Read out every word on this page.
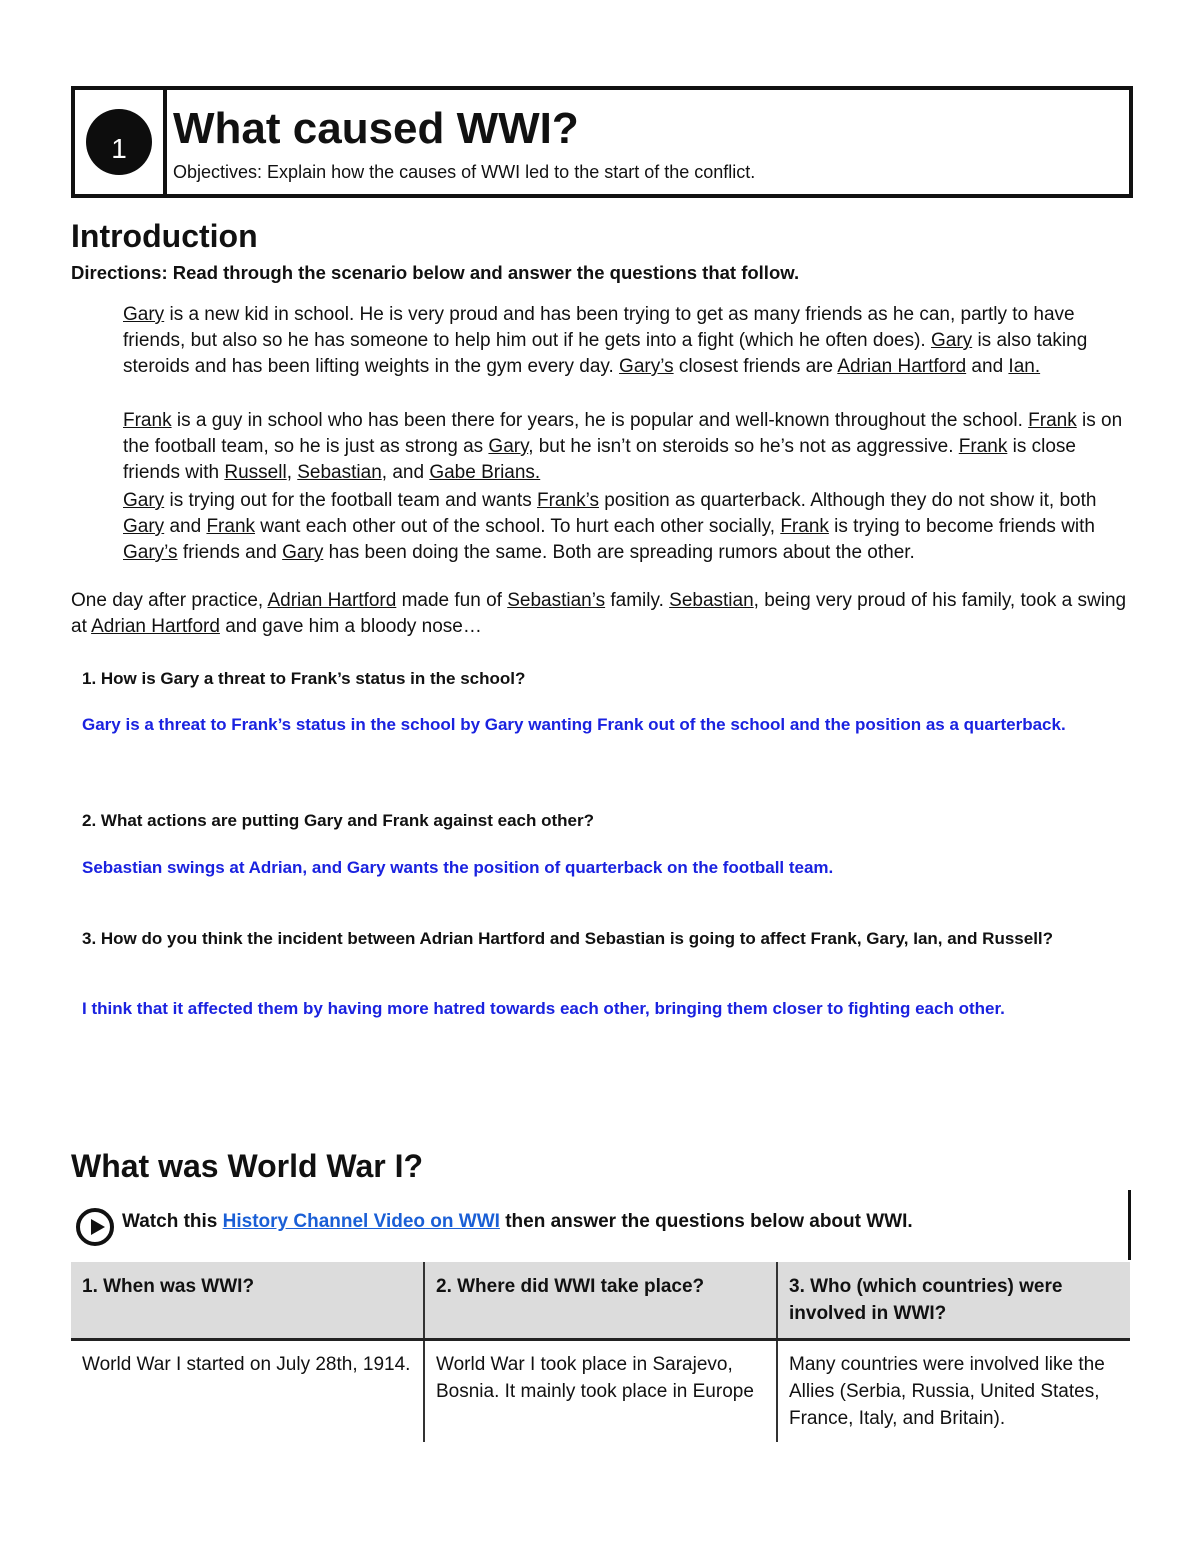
1	What caused WWI?
Objectives: Explain how the causes of WWI led to the start of the conflict.
Introduction
Directions: Read through the scenario below and answer the questions that follow.
Gary is a new kid in school. He is very proud and has been trying to get as many friends as he can, partly to have friends, but also so he has someone to help him out if he gets into a fight (which he often does). Gary is also taking steroids and has been lifting weights in the gym every day. Gary’s closest friends are Adrian Hartford and Ian.
Frank is a guy in school who has been there for years, he is popular and well-known throughout the school. Frank is on the football team, so he is just as strong as Gary, but he isn’t on steroids so he’s not as aggressive. Frank is close friends with Russell, Sebastian, and Gabe Brians.
Gary is trying out for the football team and wants Frank’s position as quarterback. Although they do not show it, both Gary and Frank want each other out of the school. To hurt each other socially, Frank is trying to become friends with Gary’s friends and Gary has been doing the same. Both are spreading rumors about the other.
One day after practice, Adrian Hartford made fun of Sebastian’s family. Sebastian, being very proud of his family, took a swing at Adrian Hartford and gave him a bloody nose…
1. How is Gary a threat to Frank’s status in the school?
Gary is a threat to Frank’s status in the school by Gary wanting Frank out of the school and the position as a quarterback.
2. What actions are putting Gary and Frank against each other?
Sebastian swings at Adrian, and Gary wants the position of quarterback on the football team.
3. How do you think the incident between Adrian Hartford and Sebastian is going to affect Frank, Gary, Ian, and Russell?
I think that it affected them by having more hatred towards each other, bringing them closer to fighting each other.
What was World War I?
Watch this History Channel Video on WWI then answer the questions below about WWI.
1. When was WWI?	2. Where did WWI take place?	3. Who (which countries) were involved in WWI?
World War I started on July 28th, 1914.	World War I took place in Sarajevo, Bosnia. It mainly took place in Europe	Many countries were involved like the Allies (Serbia, Russia, United States, France, Italy, and Britain).
